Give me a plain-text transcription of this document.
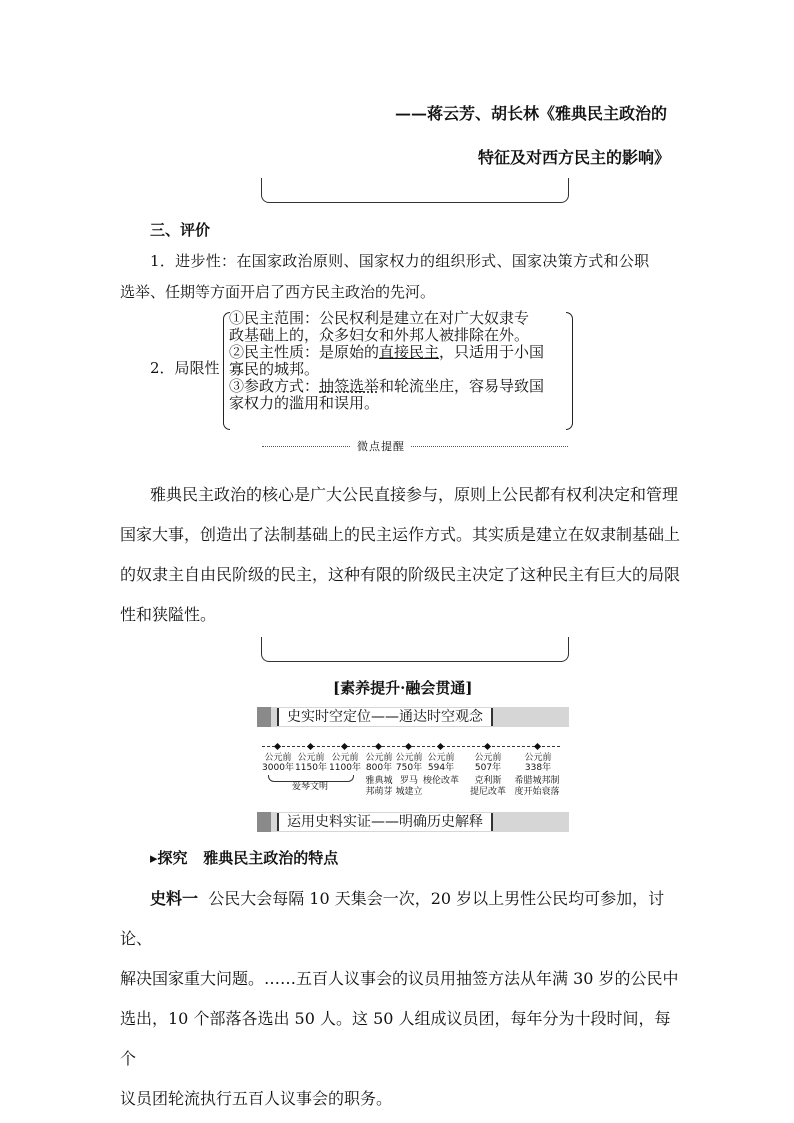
——蒋云芳、胡长林《雅典民主政治的
特征及对西方民主的影响》
三、评价
1．进步性：在国家政治原则、国家权力的组织形式、国家决策方式和公职
选举、任期等方面开启了西方民主政治的先河。
2．局限性
①民主范围：公民权利是建立在对广大奴隶专
政基础上的，众多妇女和外邦人被排除在外。
②民主性质：是原始的直接民主，只适用于小国
寡民的城邦。
③参政方式：抽签选举和轮流坐庄，容易导致国
家权力的滥用和误用。
微点提醒
雅典民主政治的核心是广大公民直接参与，原则上公民都有权利决定和管理
国家大事，创造出了法制基础上的民主运作方式。其实质是建立在奴隶制基础上
的奴隶主自由民阶级的民主，这种有限的阶级民主决定了这种民主有巨大的局限
性和狭隘性。
[素养提升·融会贯通]
史实时空定位——通达时空观念
公元前
3000年
公元前
1150年
公元前
1100年
公元前
800年
公元前
750年
公元前
594年
公元前
507年
公元前
338年
爱琴文明
雅典城
邦萌芽
罗马
城建立
梭伦改革	克利斯
提尼改革
希腊城邦制
度开始衰落
运用史料实证——明确历史解释
▸探究 雅典民主政治的特点
史料一 公民大会每隔 10 天集会一次，20 岁以上男性公民均可参加，讨论、
解决国家重大问题。……五百人议事会的议员用抽签方法从年满 30 岁的公民中
选出，10 个部落各选出 50 人。这 50 人组成议员团，每年分为十段时间，每个
议员团轮流执行五百人议事会的职务。
